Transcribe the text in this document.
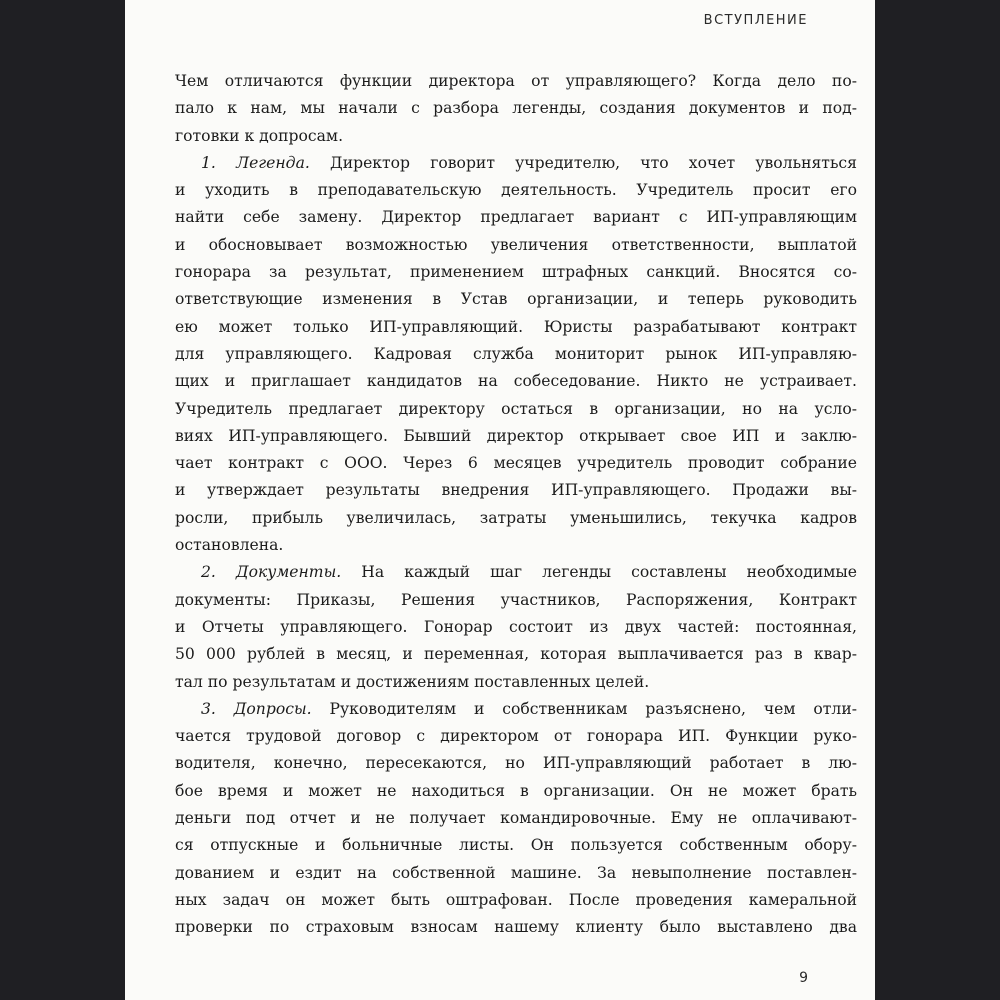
ВСТУПЛЕНИЕ
Чем отличаются функции директора от управляющего? Когда дело по-
пало к нам, мы начали с разбора легенды, создания документов и под-
готовки к допросам.
1. Легенда. Директор говорит учредителю, что хочет увольняться
и уходить в преподавательскую деятельность. Учредитель просит его
найти себе замену. Директор предлагает вариант с ИП-управляющим
и обосновывает возможностью увеличения ответственности, выплатой
гонорара за результат, применением штрафных санкций. Вносятся со-
ответствующие изменения в Устав организации, и теперь руководить
ею может только ИП-управляющий. Юристы разрабатывают контракт
для управляющего. Кадровая служба мониторит рынок ИП-управляю-
щих и приглашает кандидатов на собеседование. Никто не устраивает.
Учредитель предлагает директору остаться в организации, но на усло-
виях ИП-управляющего. Бывший директор открывает свое ИП и заклю-
чает контракт с ООО. Через 6 месяцев учредитель проводит собрание
и утверждает результаты внедрения ИП-управляющего. Продажи вы-
росли, прибыль увеличилась, затраты уменьшились, текучка кадров
остановлена.
2. Документы. На каждый шаг легенды составлены необходимые
документы: Приказы, Решения участников, Распоряжения, Контракт
и Отчеты управляющего. Гонорар состоит из двух частей: постоянная,
50 000 рублей в месяц, и переменная, которая выплачивается раз в квар-
тал по результатам и достижениям поставленных целей.
3. Допросы. Руководителям и собственникам разъяснено, чем отли-
чается трудовой договор с директором от гонорара ИП. Функции руко-
водителя, конечно, пересекаются, но ИП-управляющий работает в лю-
бое время и может не находиться в организации. Он не может брать
деньги под отчет и не получает командировочные. Ему не оплачивают-
ся отпускные и больничные листы. Он пользуется собственным обору-
дованием и ездит на собственной машине. За невыполнение поставлен-
ных задач он может быть оштрафован. После проведения камеральной
проверки по страховым взносам нашему клиенту было выставлено два
9
